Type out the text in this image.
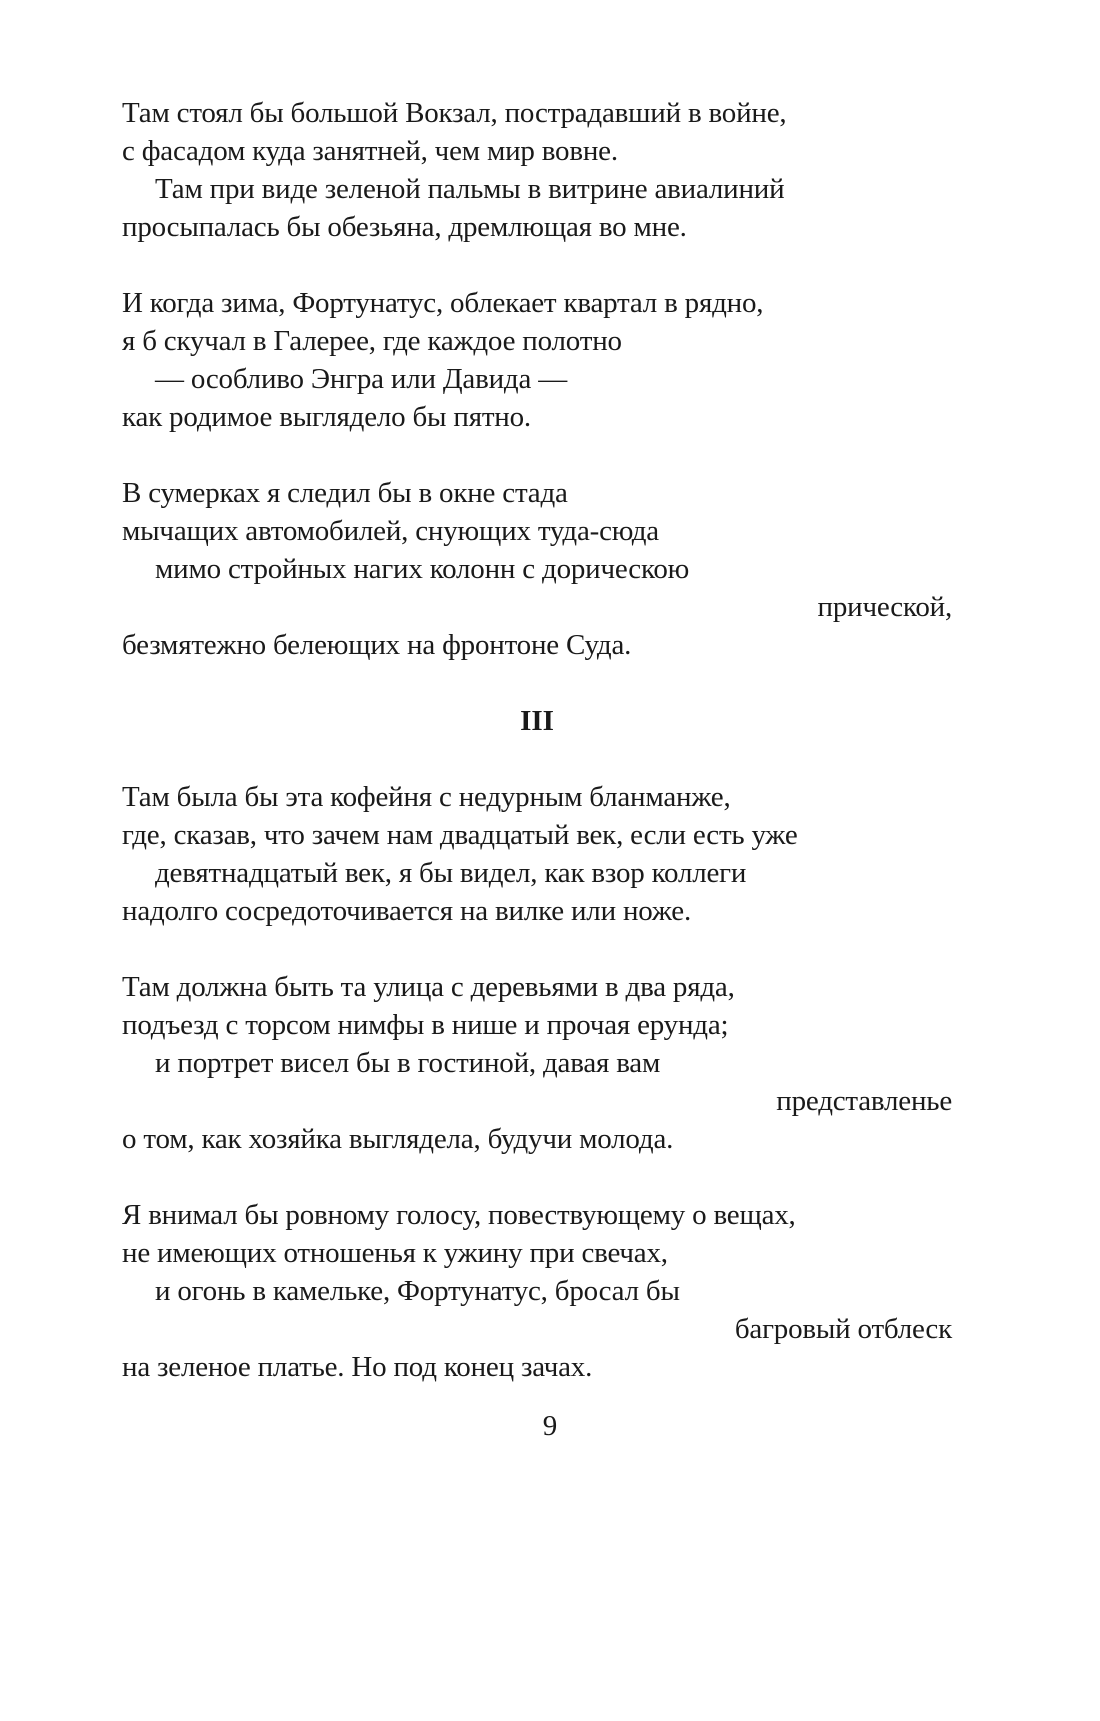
Там стоял бы большой Вокзал, пострадавший в войне,
с фасадом куда занятней, чем мир вовне.
Там при виде зеленой пальмы в витрине авиалиний
просыпалась бы обезьяна, дремлющая во мне.
И когда зима, Фортунатус, облекает квартал в рядно,
я б скучал в Галерее, где каждое полотно
— особливо Энгра или Давида —
как родимое выглядело бы пятно.
В сумерках я следил бы в окне стада
мычащих автомобилей, снующих туда-сюда
мимо стройных нагих колонн с дорическою
прической,
безмятежно белеющих на фронтоне Суда.
III
Там была бы эта кофейня с недурным бланманже,
где, сказав, что зачем нам двадцатый век, если есть уже
девятнадцатый век, я бы видел, как взор коллеги
надолго сосредоточивается на вилке или ноже.
Там должна быть та улица с деревьями в два ряда,
подъезд с торсом нимфы в нише и прочая ерунда;
и портрет висел бы в гостиной, давая вам
представленье
о том, как хозяйка выглядела, будучи молода.
Я внимал бы ровному голосу, повествующему о вещах,
не имеющих отношенья к ужину при свечах,
и огонь в камельке, Фортунатус, бросал бы
багровый отблеск
на зеленое платье. Но под конец зачах.
9
